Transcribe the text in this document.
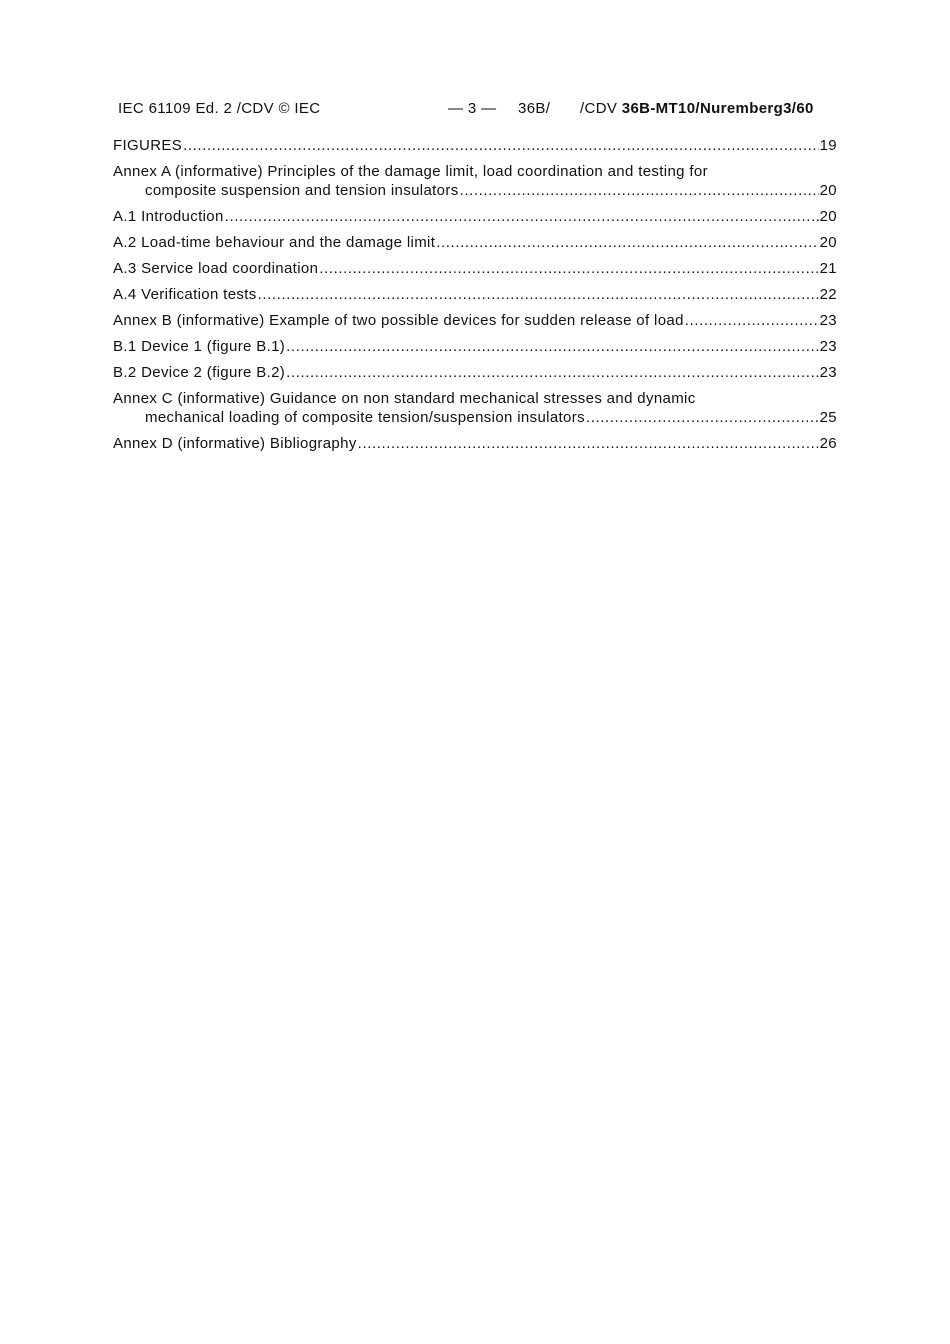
IEC 61109 Ed. 2 /CDV © IEC	— 3 — 36B/ /CDV 36B-MT10/Nuremberg3/60
FIGURES .....	19
Annex A (informative) Principles of the damage limit, load coordination and testing for
composite suspension and tension insulators .....	20
A.1 Introduction .....	20
A.2 Load-time behaviour and the damage limit .....	20
A.3 Service load coordination .....	21
A.4 Verification tests .....	22
Annex B (informative) Example of two possible devices for sudden release of load .....	23
B.1 Device 1 (figure B.1) .....	23
B.2 Device 2 (figure B.2) .....	23
Annex C (informative) Guidance on non standard mechanical stresses and dynamic
mechanical loading of composite tension/suspension insulators .....	25
Annex D (informative) Bibliography .....	26
